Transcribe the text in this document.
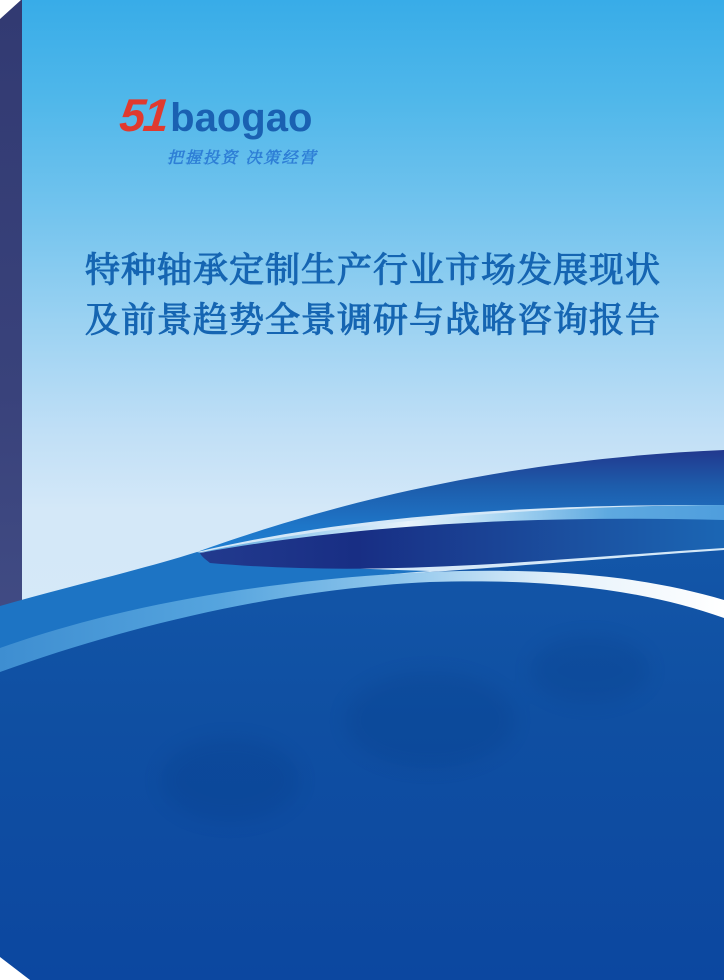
51 baogao
把握投资 决策经营
特种轴承定制生产行业市场发展现状
及前景趋势全景调研与战略咨询报告
